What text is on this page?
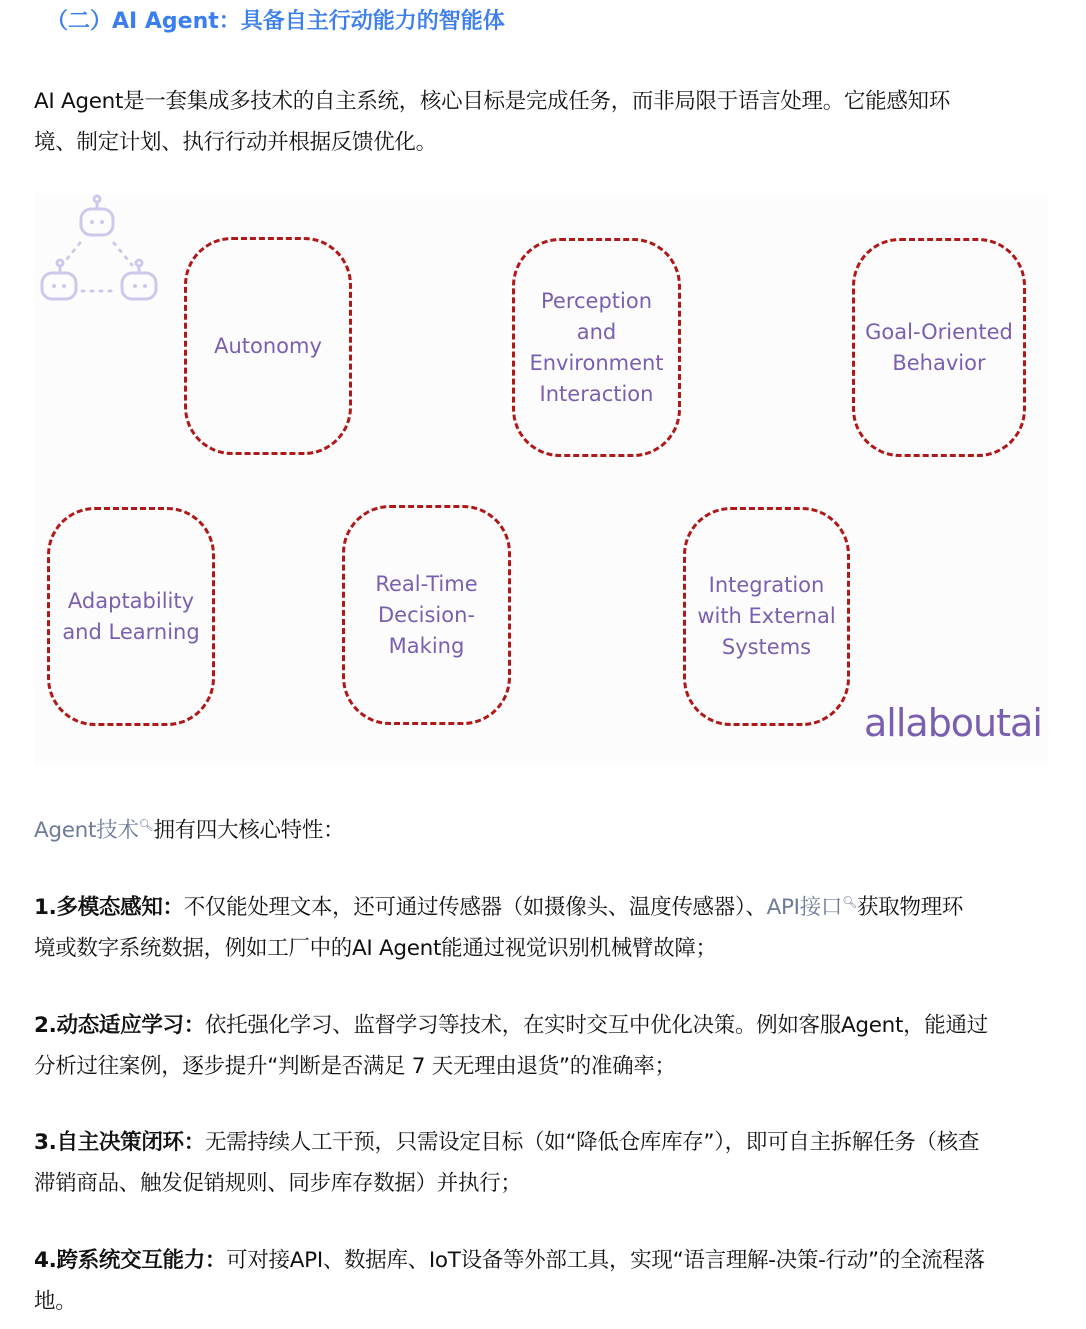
（二）AI Agent：具备自主行动能力的智能体
AI Agent是一套集成多技术的自主系统，核心目标是完成任务，而非局限于语言处理。它能感知环
境、制定计划、执行行动并根据反馈优化。
Autonomy
Perception
and
Environment
Interaction
Goal-Oriented
Behavior
Adaptability
and Learning
Real-Time
Decision-
Making
Integration
with External
Systems
allaboutai
Agent技术🔍︎拥有四大核心特性：
1.多模态感知：不仅能处理文本，还可通过传感器（如摄像头、温度传感器）、API接口🔍︎获取物理环
境或数字系统数据，例如工厂中的AI Agent能通过视觉识别机械臂故障；
2.动态适应学习：依托强化学习、监督学习等技术，在实时交互中优化决策。例如客服Agent，能通过
分析过往案例，逐步提升“判断是否满足 7 天无理由退货”的准确率；
3.自主决策闭环：无需持续人工干预，只需设定目标（如“降低仓库库存”），即可自主拆解任务（核查
滞销商品、触发促销规则、同步库存数据）并执行；
4.跨系统交互能力：可对接API、数据库、IoT设备等外部工具，实现“语言理解-决策-行动”的全流程落
地。
